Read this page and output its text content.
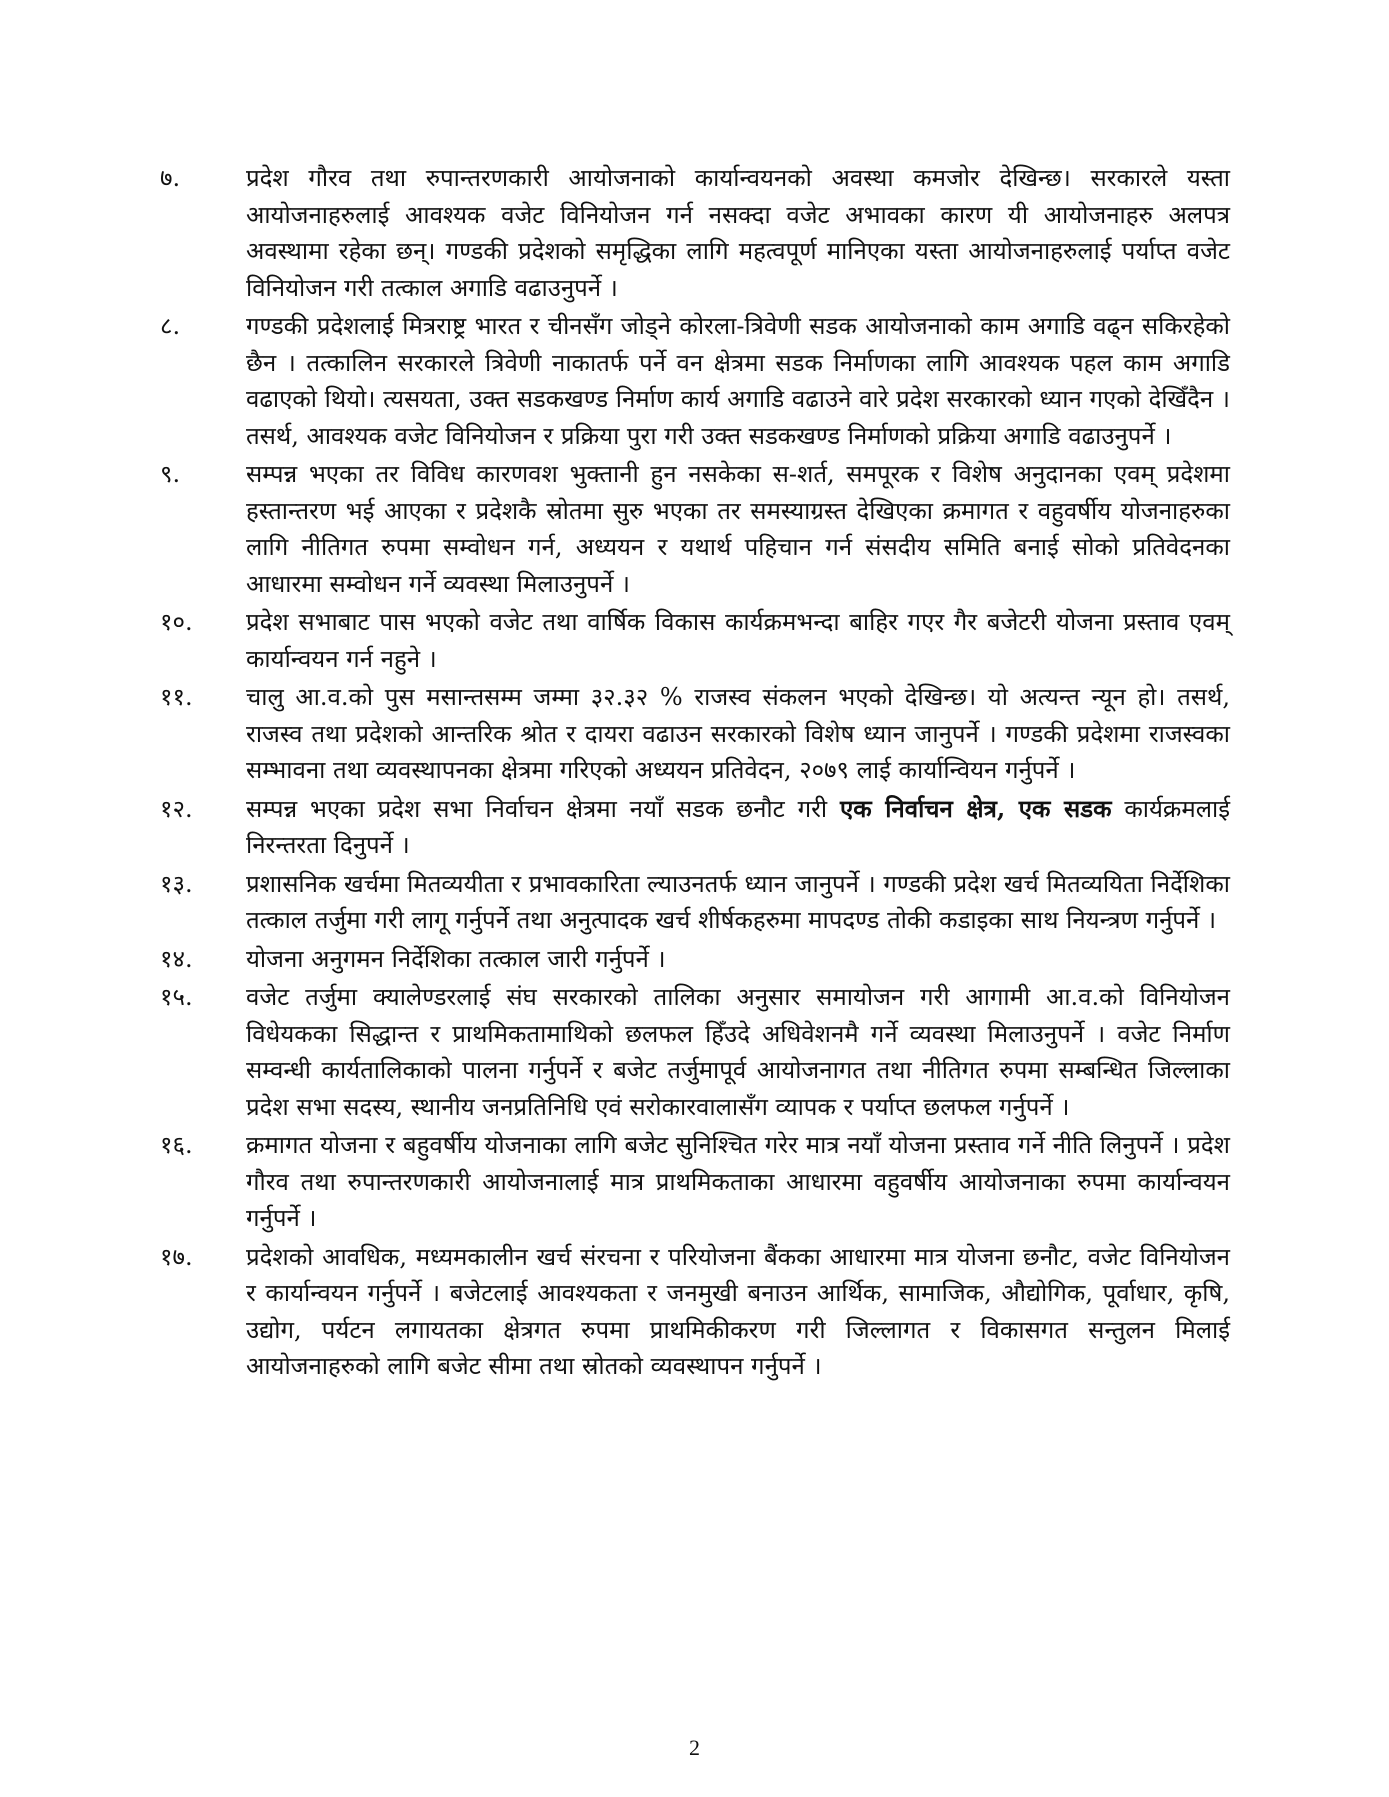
७.	प्रदेश गौरव तथा रुपान्तरणकारी आयोजनाको कार्यान्वयनको अवस्था कमजोर देखिन्छ। सरकारले यस्ता आयोजनाहरुलाई आवश्यक वजेट विनियोजन गर्न नसक्दा वजेट अभावका कारण यी आयोजनाहरु अलपत्र अवस्थामा रहेका छन्। गण्डकी प्रदेशको समृद्धिका लागि महत्वपूर्ण मानिएका यस्ता आयोजनाहरुलाई पर्याप्त वजेट विनियोजन गरी तत्काल अगाडि वढाउनुपर्ने ।

८.	गण्डकी प्रदेशलाई मित्रराष्ट्र भारत र चीनसँग जोड्ने कोरला-त्रिवेणी सडक आयोजनाको काम अगाडि वढ्न सकिरहेको छैन । तत्कालिन सरकारले त्रिवेणी नाकातर्फ पर्ने वन क्षेत्रमा सडक निर्माणका लागि आवश्यक पहल काम अगाडि वढाएको थियो। त्यसयता, उक्त सडकखण्ड निर्माण कार्य अगाडि वढाउने वारे प्रदेश सरकारको ध्यान गएको देखिँदैन । तसर्थ, आवश्यक वजेट विनियोजन र प्रक्रिया पुरा गरी उक्त सडकखण्ड निर्माणको प्रक्रिया अगाडि वढाउनुपर्ने ।

९.	सम्पन्न भएका तर विविध कारणवश भुक्तानी हुन नसकेका स-शर्त, समपूरक र विशेष अनुदानका एवम् प्रदेशमा हस्तान्तरण भई आएका र प्रदेशकै स्रोतमा सुरु भएका तर समस्याग्रस्त देखिएका क्रमागत र वहुवर्षीय योजनाहरुका लागि नीतिगत रुपमा सम्वोधन गर्न, अध्ययन र यथार्थ पहिचान गर्न संसदीय समिति बनाई सोको प्रतिवेदनका आधारमा सम्वोधन गर्ने व्यवस्था मिलाउनुपर्ने ।

१०.	प्रदेश सभाबाट पास भएको वजेट तथा वार्षिक विकास कार्यक्रमभन्दा बाहिर गएर गैर बजेटरी योजना प्रस्ताव एवम् कार्यान्वयन गर्न नहुने ।

११.	चालु आ.व.को पुस मसान्तसम्म जम्मा ३२.३२ % राजस्व संकलन भएको देखिन्छ। यो अत्यन्त न्यून हो। तसर्थ, राजस्व तथा प्रदेशको आन्तरिक श्रोत र दायरा वढाउन सरकारको विशेष ध्यान जानुपर्ने । गण्डकी प्रदेशमा राजस्वका सम्भावना तथा व्यवस्थापनका क्षेत्रमा गरिएको अध्ययन प्रतिवेदन, २०७९ लाई कार्यान्वियन गर्नुपर्ने ।

१२.	सम्पन्न भएका प्रदेश सभा निर्वाचन क्षेत्रमा नयाँ सडक छनौट गरी एक निर्वाचन क्षेत्र, एक सडक कार्यक्रमलाई निरन्तरता दिनुपर्ने ।

१३.	प्रशासनिक खर्चमा मितव्ययीता र प्रभावकारिता ल्याउनतर्फ ध्यान जानुपर्ने । गण्डकी प्रदेश खर्च मितव्ययिता निर्देशिका तत्काल तर्जुमा गरी लागू गर्नुपर्ने तथा अनुत्पादक खर्च शीर्षकहरुमा मापदण्ड तोकी कडाइका साथ नियन्त्रण गर्नुपर्ने ।

१४.	योजना अनुगमन निर्देशिका तत्काल जारी गर्नुपर्ने ।

१५.	वजेट तर्जुमा क्यालेण्डरलाई संघ सरकारको तालिका अनुसार समायोजन गरी आगामी आ.व.को विनियोजन विधेयकका सिद्धान्त र प्राथमिकतामाथिको छलफल हिँउदे अधिवेशनमै गर्ने व्यवस्था मिलाउनुपर्ने । वजेट निर्माण सम्वन्धी कार्यतालिकाको पालना गर्नुपर्ने र बजेट तर्जुमापूर्व आयोजनागत तथा नीतिगत रुपमा सम्बन्धित जिल्लाका प्रदेश सभा सदस्य, स्थानीय जनप्रतिनिधि एवं सरोकारवालासँग व्यापक र पर्याप्त छलफल गर्नुपर्ने ।

१६.	क्रमागत योजना र बहुवर्षीय योजनाका लागि बजेट सुनिश्चित गरेर मात्र नयाँ योजना प्रस्ताव गर्ने नीति लिनुपर्ने । प्रदेश गौरव तथा रुपान्तरणकारी आयोजनालाई मात्र प्राथमिकताका आधारमा वहुवर्षीय आयोजनाका रुपमा कार्यान्वयन गर्नुपर्ने ।

१७.	प्रदेशको आवधिक, मध्यमकालीन खर्च संरचना र परियोजना बैंकका आधारमा मात्र योजना छनौट, वजेट विनियोजन र कार्यान्वयन गर्नुपर्ने । बजेटलाई आवश्यकता र जनमुखी बनाउन आर्थिक, सामाजिक, औद्योगिक, पूर्वाधार, कृषि, उद्योग, पर्यटन लगायतका क्षेत्रगत रुपमा प्राथमिकीकरण गरी जिल्लागत र विकासगत सन्तुलन मिलाई आयोजनाहरुको लागि बजेट सीमा तथा स्रोतको व्यवस्थापन गर्नुपर्ने ।

2
